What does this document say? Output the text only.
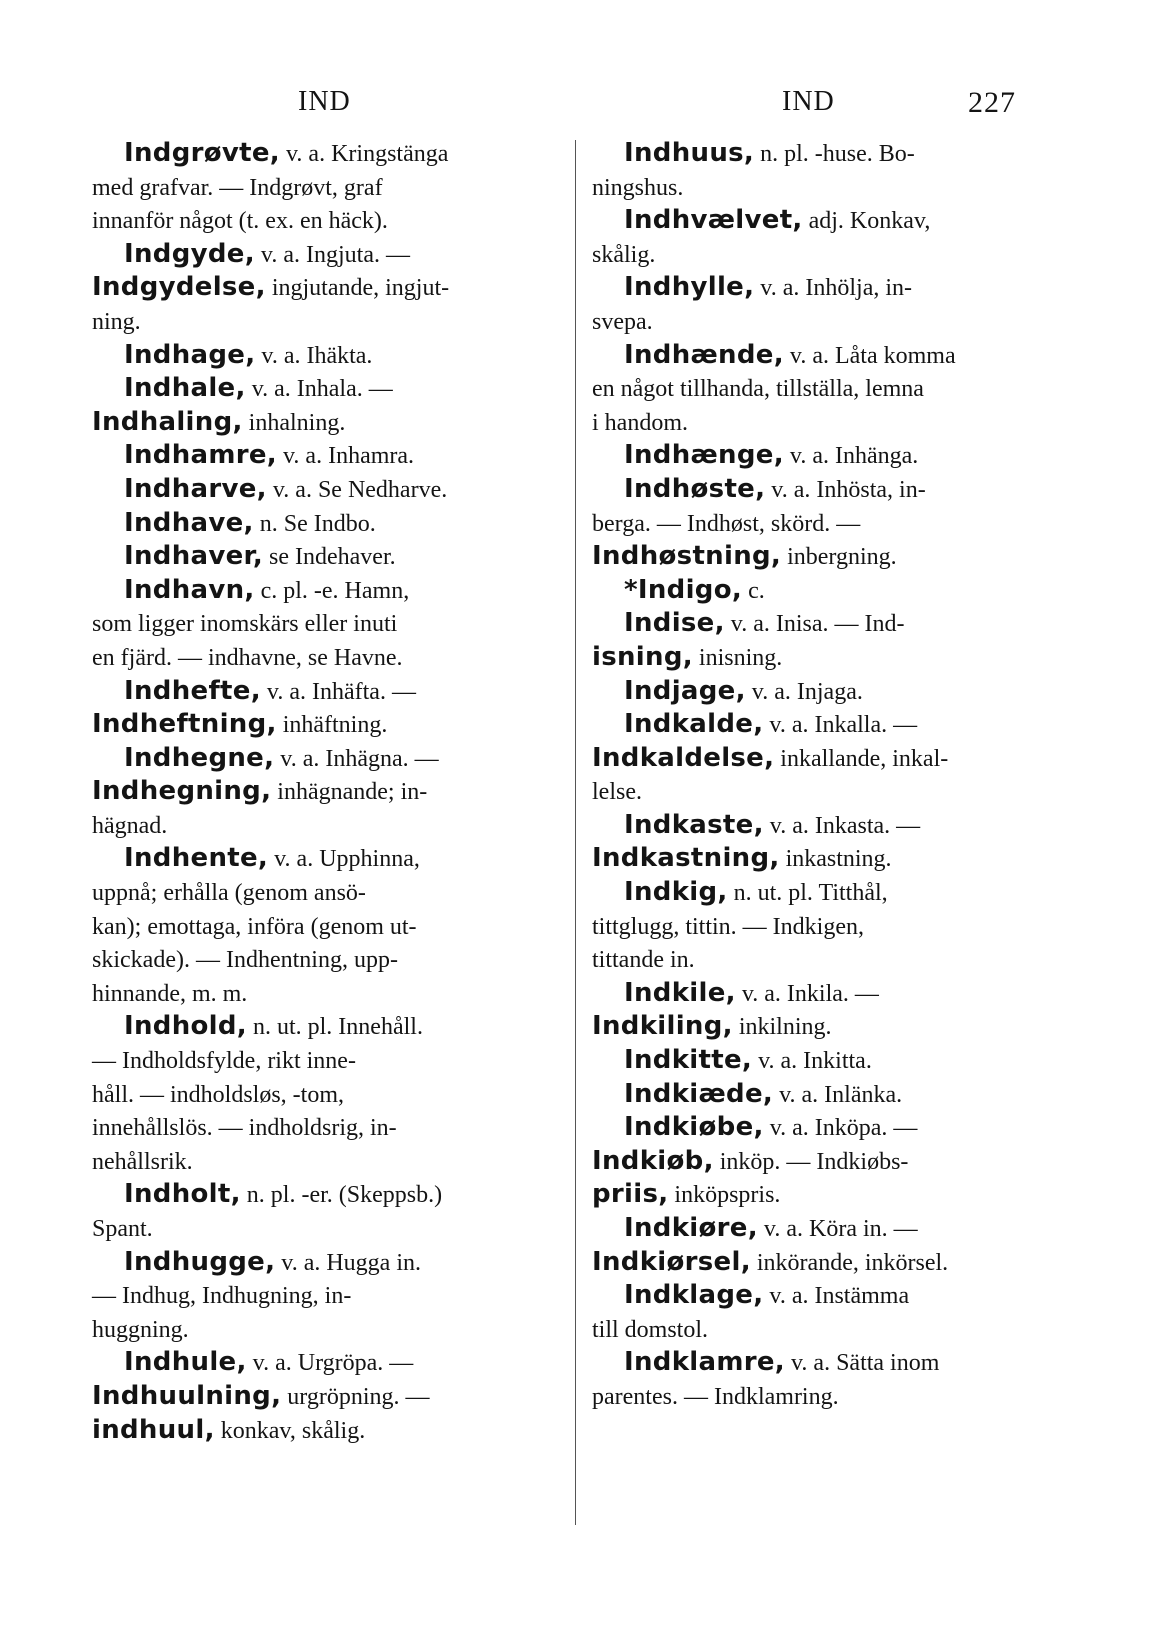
IND	IND	227
Indgrøvte, v. a. Kringstänga
med grafvar. — Indgrøvt, graf
innanför något (t. ex. en häck).
Indgyde, v. a. Ingjuta. —
Indgydelse, ingjutande, ingjut-
ning.
Indhage, v. a. Ihäkta.
Indhale, v. a. Inhala. —
Indhaling, inhalning.
Indhamre, v. a. Inhamra.
Indharve, v. a. Se Nedharve.
Indhave, n. Se Indbo.
Indhaver, se Indehaver.
Indhavn, c. pl. -e. Hamn,
som ligger inomskärs eller inuti
en fjärd. — indhavne, se Havne.
Indhefte, v. a. Inhäfta. —
Indheftning, inhäftning.
Indhegne, v. a. Inhägna. —
Indhegning, inhägnande; in-
hägnad.
Indhente, v. a. Upphinna,
uppnå; erhålla (genom ansö-
kan); emottaga, införa (genom ut-
skickade). — Indhentning, upp-
hinnande, m. m.
Indhold, n. ut. pl. Innehåll.
— Indholdsfylde, rikt inne-
håll. — indholdsløs, -tom,
innehållslös. — indholdsrig, in-
nehållsrik.
Indholt, n. pl. -er. (Skeppsb.)
Spant.
Indhugge, v. a. Hugga in.
— Indhug, Indhugning, in-
huggning.
Indhule, v. a. Urgröpa. —
Indhuulning, urgröpning. —
indhuul, konkav, skålig.
Indhuus, n. pl. -huse. Bo-
ningshus.
Indhvælvet, adj. Konkav,
skålig.
Indhylle, v. a. Inhölja, in-
svepa.
Indhænde, v. a. Låta komma
en något tillhanda, tillställa, lemna
i handom.
Indhænge, v. a. Inhänga.
Indhøste, v. a. Inhösta, in-
berga. — Indhøst, skörd. —
Indhøstning, inbergning.
*Indigo, c.
Indise, v. a. Inisa. — Ind-
isning, inisning.
Indjage, v. a. Injaga.
Indkalde, v. a. Inkalla. —
Indkaldelse, inkallande, inkal-
lelse.
Indkaste, v. a. Inkasta. —
Indkastning, inkastning.
Indkig, n. ut. pl. Titthål,
tittglugg, tittin. — Indkigen,
tittande in.
Indkile, v. a. Inkila. —
Indkiling, inkilning.
Indkitte, v. a. Inkitta.
Indkiæde, v. a. Inlänka.
Indkiøbe, v. a. Inköpa. —
Indkiøb, inköp. — Indkiøbs-
priis, inköpspris.
Indkiøre, v. a. Köra in. —
Indkiørsel, inkörande, inkörsel.
Indklage, v. a. Instämma
till domstol.
Indklamre, v. a. Sätta inom
parentes. — Indklamring.
